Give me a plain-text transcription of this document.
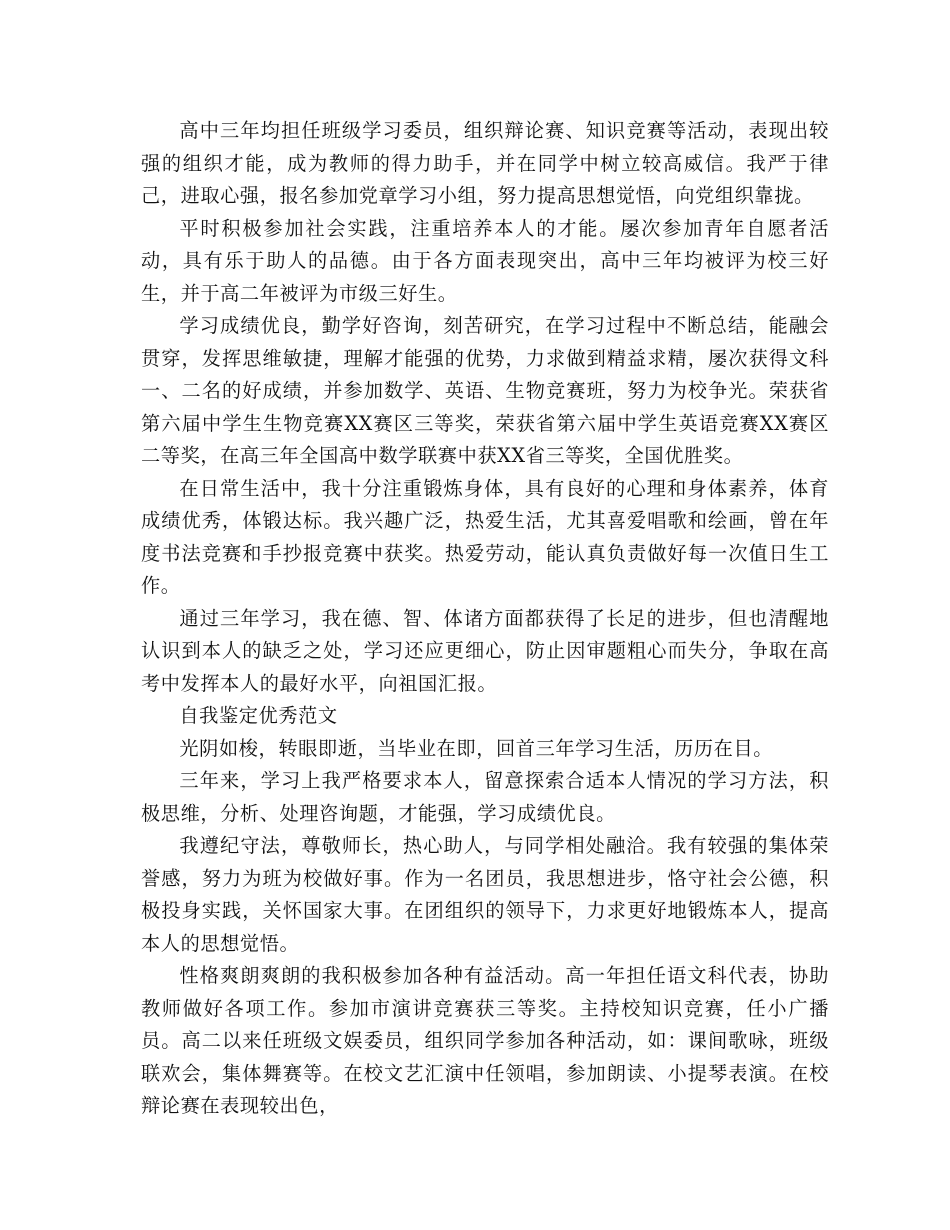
高中三年均担任班级学习委员，组织辩论赛、知识竞赛等活动，表现出较强的组织才能，成为教师的得力助手，并在同学中树立较高威信。我严于律己，进取心强，报名参加党章学习小组，努力提高思想觉悟，向党组织靠拢。

平时积极参加社会实践，注重培养本人的才能。屡次参加青年自愿者活动，具有乐于助人的品德。由于各方面表现突出，高中三年均被评为校三好生，并于高二年被评为市级三好生。

学习成绩优良，勤学好咨询，刻苦研究，在学习过程中不断总结，能融会贯穿，发挥思维敏捷，理解才能强的优势，力求做到精益求精，屡次获得文科一、二名的好成绩，并参加数学、英语、生物竞赛班，努力为校争光。荣获省第六届中学生生物竞赛XX赛区三等奖，荣获省第六届中学生英语竞赛XX赛区二等奖，在高三年全国高中数学联赛中获XX省三等奖，全国优胜奖。

在日常生活中，我十分注重锻炼身体，具有良好的心理和身体素养，体育成绩优秀，体锻达标。我兴趣广泛，热爱生活，尤其喜爱唱歌和绘画，曾在年度书法竞赛和手抄报竞赛中获奖。热爱劳动，能认真负责做好每一次值日生工作。

通过三年学习，我在德、智、体诸方面都获得了长足的进步，但也清醒地认识到本人的缺乏之处，学习还应更细心，防止因审题粗心而失分，争取在高考中发挥本人的最好水平，向祖国汇报。

自我鉴定优秀范文

光阴如梭，转眼即逝，当毕业在即，回首三年学习生活，历历在目。

三年来，学习上我严格要求本人，留意探索合适本人情况的学习方法，积极思维，分析、处理咨询题，才能强，学习成绩优良。

我遵纪守法，尊敬师长，热心助人，与同学相处融洽。我有较强的集体荣誉感，努力为班为校做好事。作为一名团员，我思想进步，恪守社会公德，积极投身实践，关怀国家大事。在团组织的领导下，力求更好地锻炼本人，提高本人的思想觉悟。

性格爽朗爽朗的我积极参加各种有益活动。高一年担任语文科代表，协助教师做好各项工作。参加市演讲竞赛获三等奖。主持校知识竞赛，任小广播员。高二以来任班级文娱委员，组织同学参加各种活动，如：课间歌咏，班级联欢会，集体舞赛等。在校文艺汇演中任领唱，参加朗读、小提琴表演。在校辩论赛在表现较出色，
